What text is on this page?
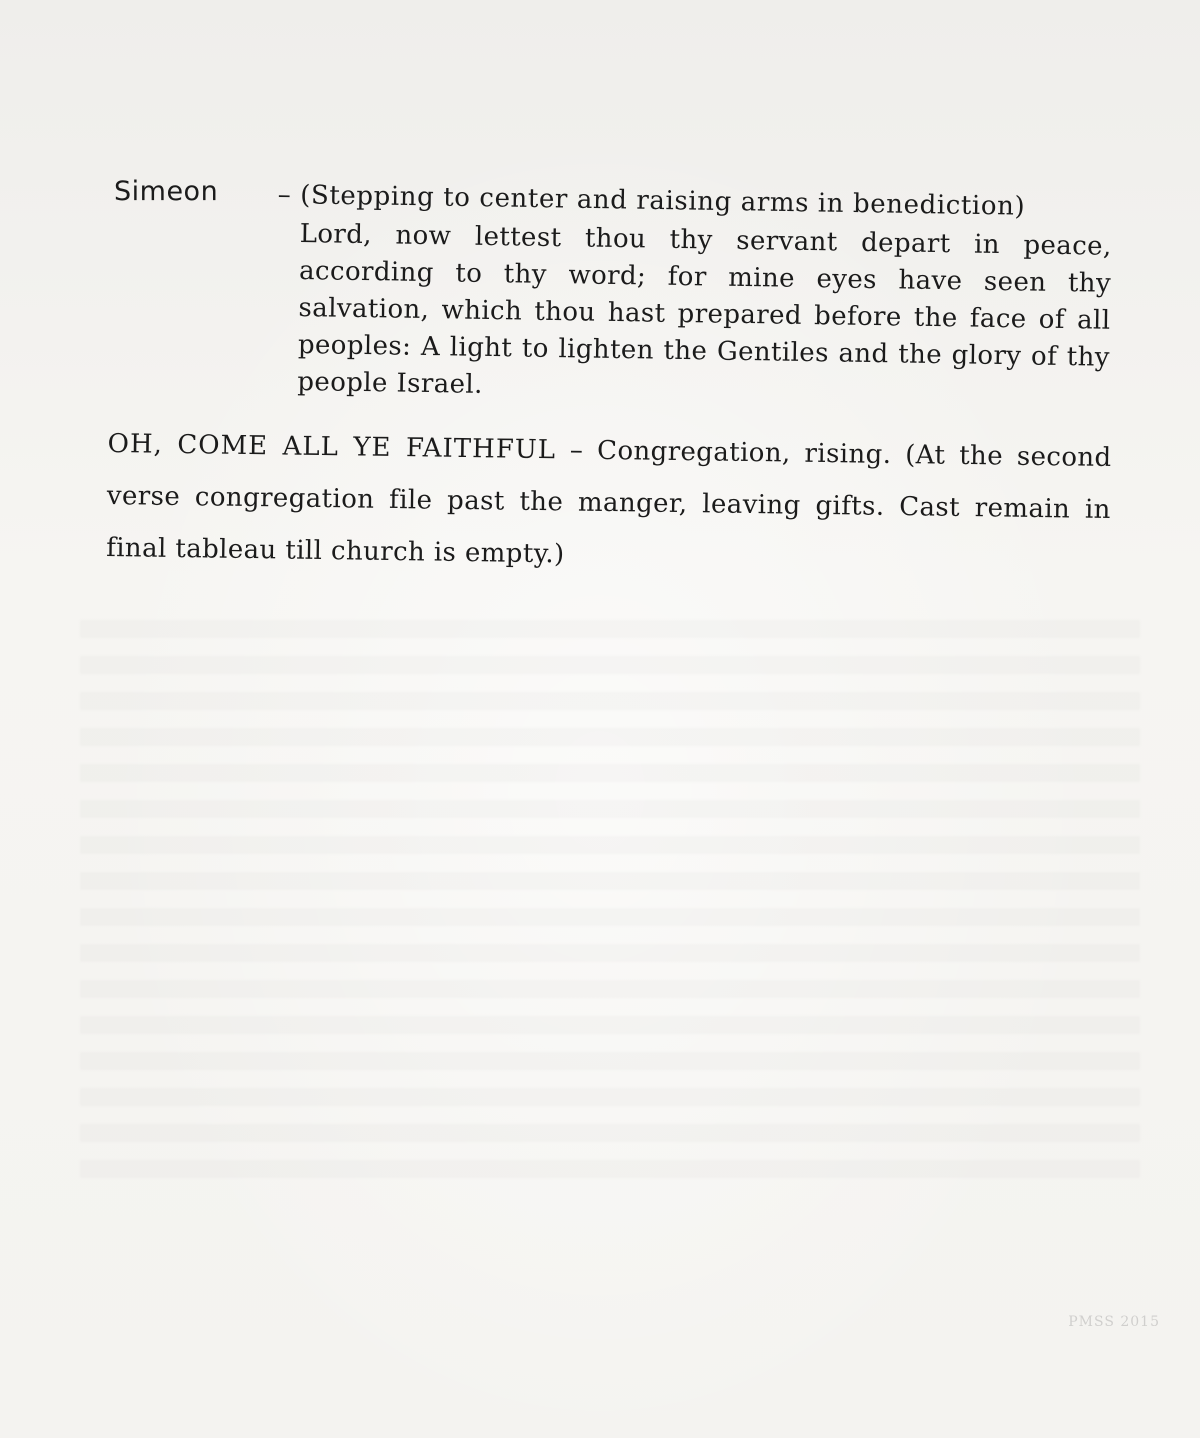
Simeon – (Stepping to center and raising arms in benediction)
Lord, now lettest thou thy servant depart in peace, according to thy word; for mine eyes have seen thy salvation, which thou hast prepared before the face of all peoples: A light to lighten the Gentiles and the glory of thy people Israel.
OH, COME ALL YE FAITHFUL – Congregation, rising. (At the second verse congregation file past the manger, leaving gifts. Cast remain in final tableau till church is empty.)
PMSS 2015
